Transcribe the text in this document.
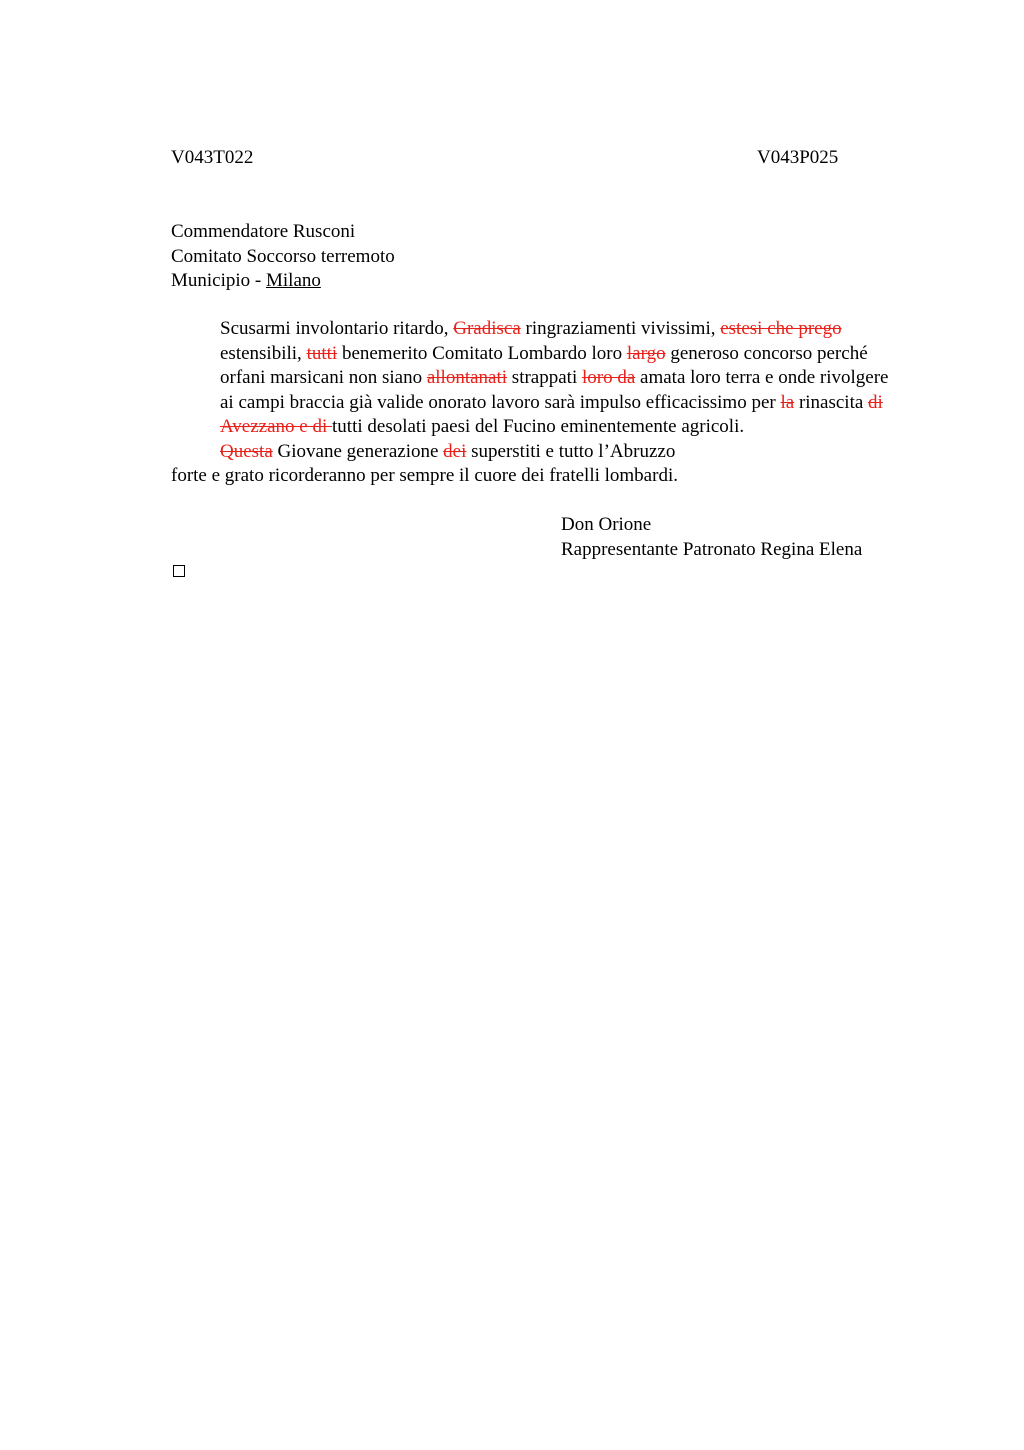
V043T022	V043P025
Commendatore Rusconi
Comitato Soccorso terremoto
Municipio - Milano

Scusarmi involontario ritardo, Gradisca ringraziamenti vivissimi, estesi che prego estensibili, tutti benemerito Comitato Lombardo loro largo generoso concorso perché orfani marsicani non siano allontanati strappati loro da amata loro terra e onde rivolgere ai campi braccia già valide onorato lavoro sarà impulso efficacissimo per la rinascita di Avezzano e di tutti desolati paesi del Fucino eminentemente agricoli.

Questa Giovane generazione dei superstiti e tutto l’Abruzzo

forte e grato ricorderanno per sempre il cuore dei fratelli lombardi.

Don Orione
Rappresentante Patronato Regina Elena
